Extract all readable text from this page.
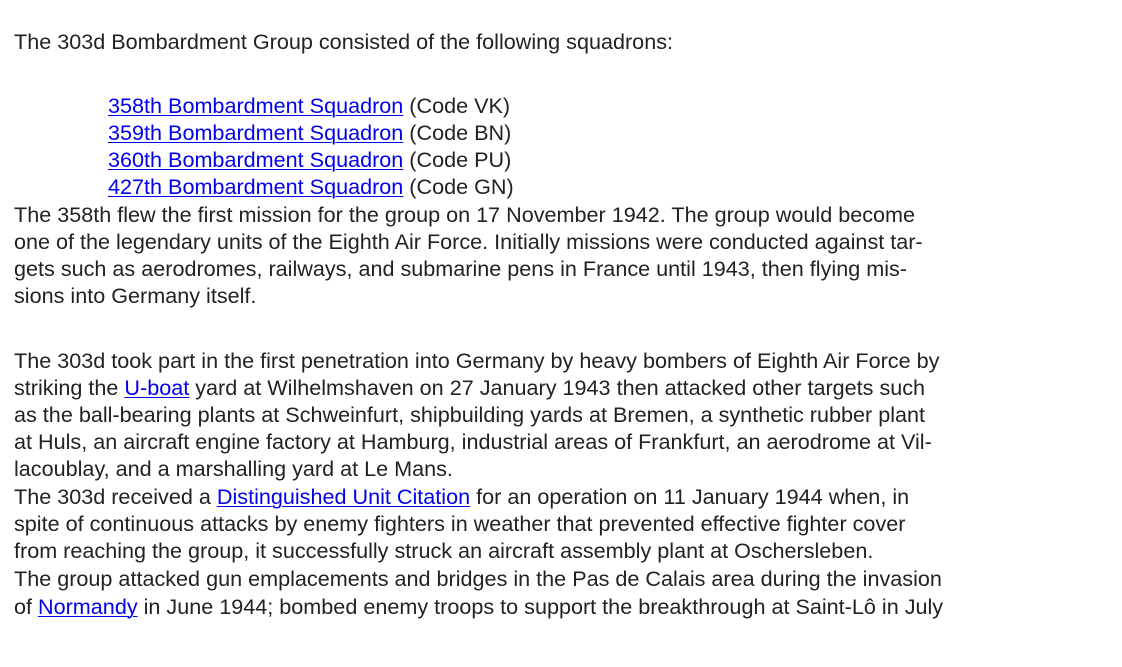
The 303d Bombardment Group consisted of the following squadrons:
358th Bombardment Squadron (Code VK)
359th Bombardment Squadron (Code BN)
360th Bombardment Squadron (Code PU)
427th Bombardment Squadron (Code GN)
The 358th flew the first mission for the group on 17 November 1942. The group would become
one of the legendary units of the Eighth Air Force. Initially missions were conducted against tar-
gets such as aerodromes, railways, and submarine pens in France until 1943, then flying mis-
sions into Germany itself.
The 303d took part in the first penetration into Germany by heavy bombers of Eighth Air Force by
striking the U-boat yard at Wilhelmshaven on 27 January 1943 then attacked other targets such
as the ball-bearing plants at Schweinfurt, shipbuilding yards at Bremen, a synthetic rubber plant
at Huls, an aircraft engine factory at Hamburg, industrial areas of Frankfurt, an aerodrome at Vil-
lacoublay, and a marshalling yard at Le Mans.
The 303d received a Distinguished Unit Citation for an operation on 11 January 1944 when, in
spite of continuous attacks by enemy fighters in weather that prevented effective fighter cover
from reaching the group, it successfully struck an aircraft assembly plant at Oschersleben.
The group attacked gun emplacements and bridges in the Pas de Calais area during the invasion
of Normandy in June 1944; bombed enemy troops to support the breakthrough at Saint-Lô in July
